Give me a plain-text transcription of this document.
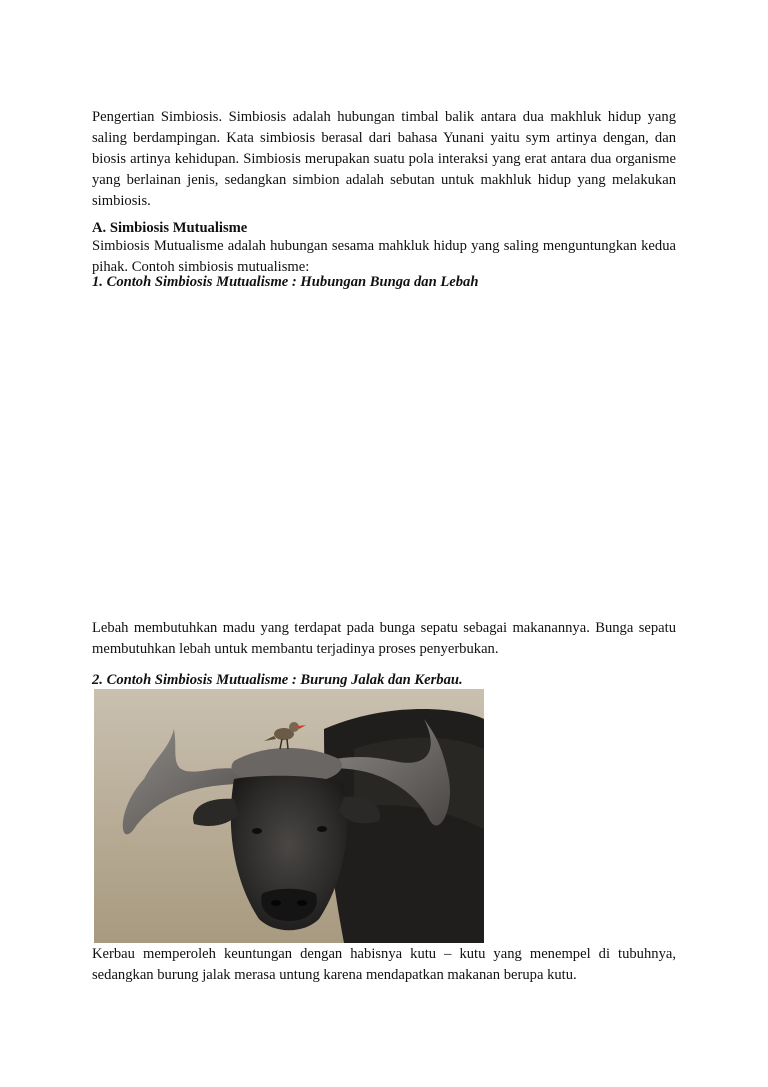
Pengertian Simbiosis. Simbiosis adalah hubungan timbal balik antara dua makhluk hidup yang saling berdampingan. Kata simbiosis berasal dari bahasa Yunani yaitu sym artinya dengan, dan biosis artinya kehidupan. Simbiosis merupakan suatu pola interaksi yang erat antara dua organisme yang berlainan jenis, sedangkan simbion adalah sebutan untuk makhluk hidup yang melakukan simbiosis.

A. Simbiosis Mutualisme

Simbiosis Mutualisme adalah hubungan sesama mahkluk hidup yang saling menguntungkan kedua pihak. Contoh simbiosis mutualisme:

1. Contoh Simbiosis Mutualisme : Hubungan Bunga dan Lebah

Lebah membutuhkan madu yang terdapat pada bunga sepatu sebagai makanannya. Bunga sepatu membutuhkan lebah untuk membantu terjadinya proses penyerbukan.

2. Contoh Simbiosis Mutualisme : Burung Jalak dan Kerbau.

Kerbau memperoleh keuntungan dengan habisnya kutu – kutu yang menempel di tubuhnya, sedangkan burung jalak merasa untung karena mendapatkan makanan berupa kutu.
